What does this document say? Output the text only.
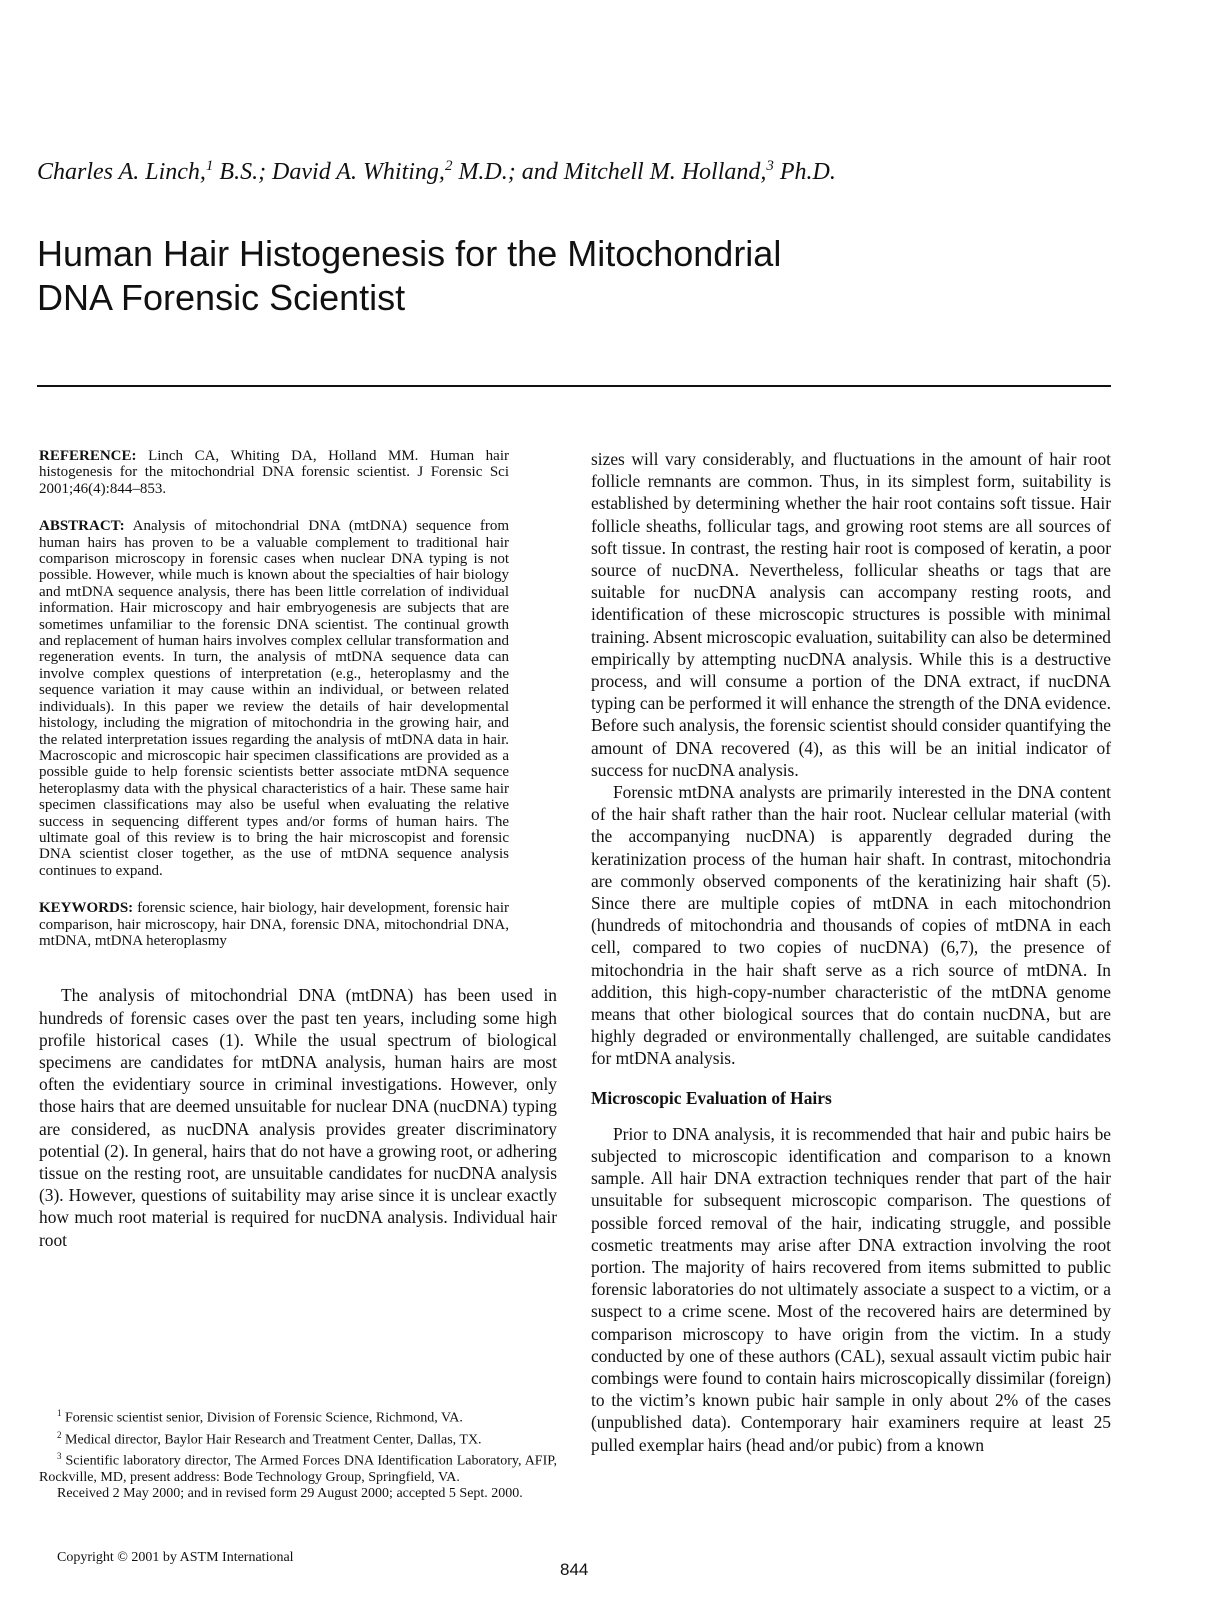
Charles A. Linch,$^1$ B.S.; David A. Whiting,$^2$ M.D.; and Mitchell M. Holland,$^3$ Ph.D.
Human Hair Histogenesis for the Mitochondrial
DNA Forensic Scientist

REFERENCE: Linch CA, Whiting DA, Holland MM. Human hair histogenesis for the mitochondrial DNA forensic scientist. J Forensic Sci 2001;46(4):844–853.

ABSTRACT: Analysis of mitochondrial DNA (mtDNA) sequence from human hairs has proven to be a valuable complement to traditional hair comparison microscopy in forensic cases when nuclear DNA typing is not possible. However, while much is known about the specialties of hair biology and mtDNA sequence analysis, there has been little correlation of individual information. Hair microscopy and hair embryogenesis are subjects that are sometimes unfamiliar to the forensic DNA scientist. The continual growth and replacement of human hairs involves complex cellular transformation and regeneration events. In turn, the analysis of mtDNA sequence data can involve complex questions of interpretation (e.g., heteroplasmy and the sequence variation it may cause within an individual, or between related individuals). In this paper we review the details of hair developmental histology, including the migration of mitochondria in the growing hair, and the related interpretation issues regarding the analysis of mtDNA data in hair. Macroscopic and microscopic hair specimen classifications are provided as a possible guide to help forensic scientists better associate mtDNA sequence heteroplasmy data with the physical characteristics of a hair. These same hair specimen classifications may also be useful when evaluating the relative success in sequencing different types and/or forms of human hairs. The ultimate goal of this review is to bring the hair microscopist and forensic DNA scientist closer together, as the use of mtDNA sequence analysis continues to expand.

KEYWORDS: forensic science, hair biology, hair development, forensic hair comparison, hair microscopy, hair DNA, forensic DNA, mitochondrial DNA, mtDNA, mtDNA heteroplasmy

The analysis of mitochondrial DNA (mtDNA) has been used in hundreds of forensic cases over the past ten years, including some high profile historical cases (1). While the usual spectrum of biological specimens are candidates for mtDNA analysis, human hairs are most often the evidentiary source in criminal investigations. However, only those hairs that are deemed unsuitable for nuclear DNA (nucDNA) typing are considered, as nucDNA analysis provides greater discriminatory potential (2). In general, hairs that do not have a growing root, or adhering tissue on the resting root, are unsuitable candidates for nucDNA analysis (3). However, questions of suitability may arise since it is unclear exactly how much root material is required for nucDNA analysis. Individual hair root

$^1$ Forensic scientist senior, Division of Forensic Science, Richmond, VA.

$^2$ Medical director, Baylor Hair Research and Treatment Center, Dallas, TX.

$^3$ Scientific laboratory director, The Armed Forces DNA Identification Laboratory, AFIP, Rockville, MD, present address: Bode Technology Group, Springfield, VA.

Received 2 May 2000; and in revised form 29 August 2000; accepted 5 Sept. 2000.

sizes will vary considerably, and fluctuations in the amount of hair root follicle remnants are common. Thus, in its simplest form, suitability is established by determining whether the hair root contains soft tissue. Hair follicle sheaths, follicular tags, and growing root stems are all sources of soft tissue. In contrast, the resting hair root is composed of keratin, a poor source of nucDNA. Nevertheless, follicular sheaths or tags that are suitable for nucDNA analysis can accompany resting roots, and identification of these microscopic structures is possible with minimal training. Absent microscopic evaluation, suitability can also be determined empirically by attempting nucDNA analysis. While this is a destructive process, and will consume a portion of the DNA extract, if nucDNA typing can be performed it will enhance the strength of the DNA evidence. Before such analysis, the forensic scientist should consider quantifying the amount of DNA recovered (4), as this will be an initial indicator of success for nucDNA analysis.

Forensic mtDNA analysts are primarily interested in the DNA content of the hair shaft rather than the hair root. Nuclear cellular material (with the accompanying nucDNA) is apparently degraded during the keratinization process of the human hair shaft. In contrast, mitochondria are commonly observed components of the keratinizing hair shaft (5). Since there are multiple copies of mtDNA in each mitochondrion (hundreds of mitochondria and thousands of copies of mtDNA in each cell, compared to two copies of nucDNA) (6,7), the presence of mitochondria in the hair shaft serve as a rich source of mtDNA. In addition, this high-copy-number characteristic of the mtDNA genome means that other biological sources that do contain nucDNA, but are highly degraded or environmentally challenged, are suitable candidates for mtDNA analysis.

Microscopic Evaluation of Hairs

Prior to DNA analysis, it is recommended that hair and pubic hairs be subjected to microscopic identification and comparison to a known sample. All hair DNA extraction techniques render that part of the hair unsuitable for subsequent microscopic comparison. The questions of possible forced removal of the hair, indicating struggle, and possible cosmetic treatments may arise after DNA extraction involving the root portion. The majority of hairs recovered from items submitted to public forensic laboratories do not ultimately associate a suspect to a victim, or a suspect to a crime scene. Most of the recovered hairs are determined by comparison microscopy to have origin from the victim. In a study conducted by one of these authors (CAL), sexual assault victim pubic hair combings were found to contain hairs microscopically dissimilar (foreign) to the victim’s known pubic hair sample in only about 2% of the cases (unpublished data). Contemporary hair examiners require at least 25 pulled exemplar hairs (head and/or pubic) from a known

Copyright © 2001 by ASTM International
844
